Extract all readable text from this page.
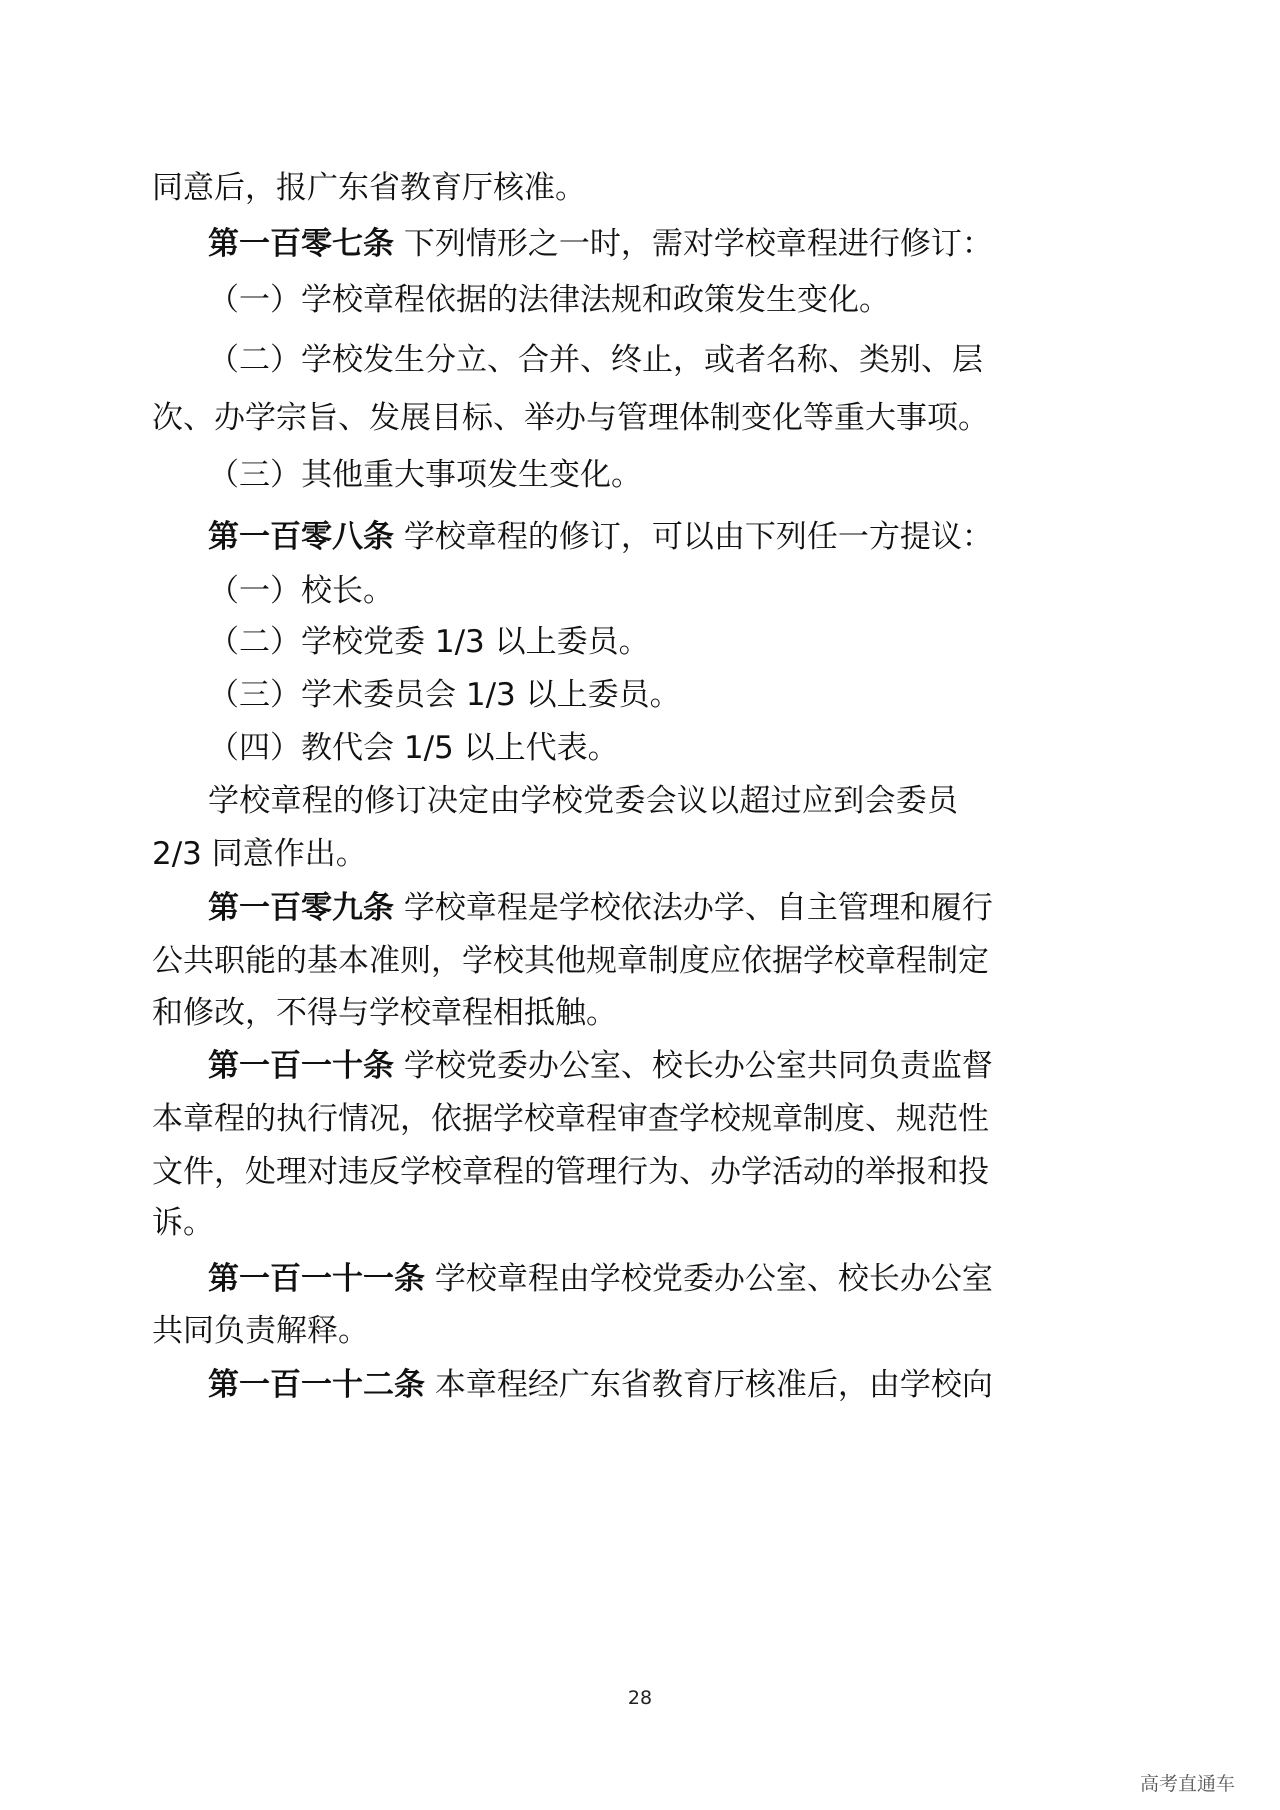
同意后，报广东省教育厅核准。

第一百零七条 下列情形之一时，需对学校章程进行修订：

（一）学校章程依据的法律法规和政策发生变化。

（二）学校发生分立、合并、终止，或者名称、类别、层

次、办学宗旨、发展目标、举办与管理体制变化等重大事项。

（三）其他重大事项发生变化。

第一百零八条 学校章程的修订，可以由下列任一方提议：

（一）校长。

（二）学校党委 1/3 以上委员。

（三）学术委员会 1/3 以上委员。

（四）教代会 1/5 以上代表。

学校章程的修订决定由学校党委会议以超过应到会委员

2/3 同意作出。

第一百零九条 学校章程是学校依法办学、自主管理和履行

公共职能的基本准则，学校其他规章制度应依据学校章程制定

和修改，不得与学校章程相抵触。

第一百一十条 学校党委办公室、校长办公室共同负责监督

本章程的执行情况，依据学校章程审查学校规章制度、规范性

文件，处理对违反学校章程的管理行为、办学活动的举报和投

诉。

第一百一十一条 学校章程由学校党委办公室、校长办公室

共同负责解释。

第一百一十二条 本章程经广东省教育厅核准后，由学校向

28
高考直通车
